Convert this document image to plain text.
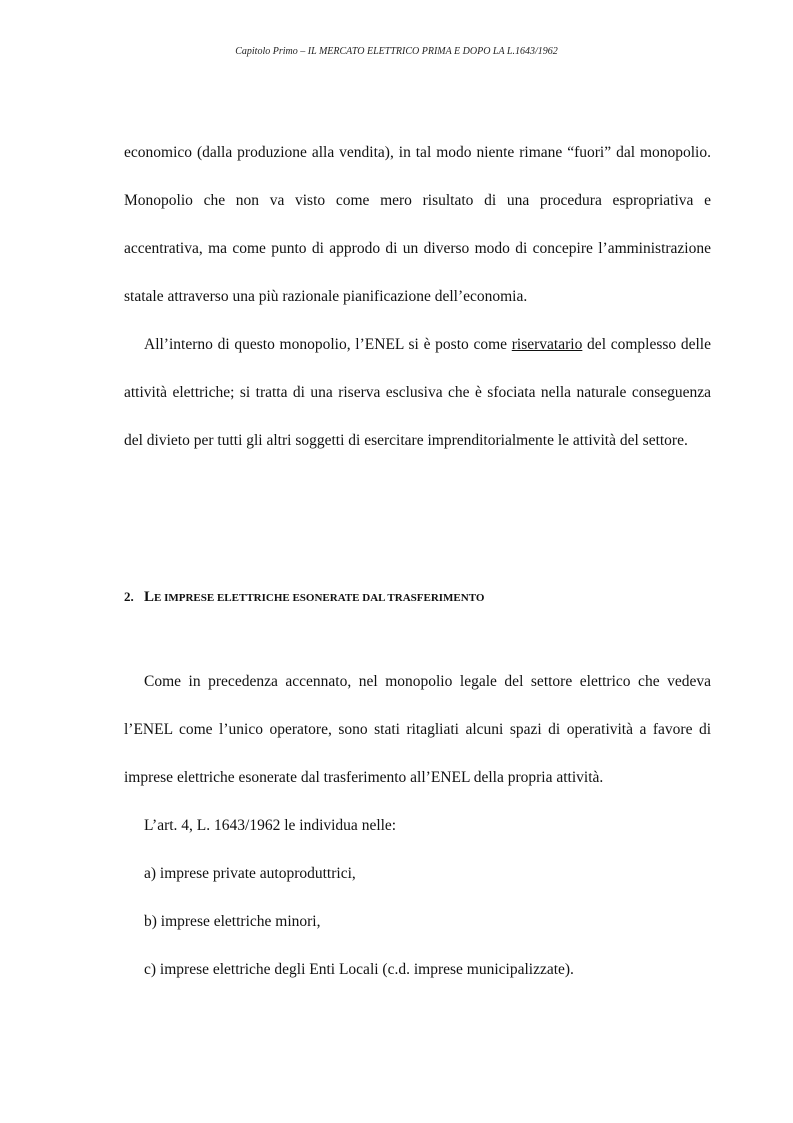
Capitolo Primo – IL MERCATO ELETTRICO PRIMA E DOPO LA L.1643/1962

economico (dalla produzione alla vendita), in tal modo niente rimane “fuori” dal monopolio. Monopolio che non va visto come mero risultato di una procedura espropriativa e accentrativa, ma come punto di approdo di un diverso modo di concepire l’amministrazione statale attraverso una più razionale pianificazione dell’economia.

All’interno di questo monopolio, l’ENEL si è posto come riservatario del complesso delle attività elettriche; si tratta di una riserva esclusiva che è sfociata nella naturale conseguenza del divieto per tutti gli altri soggetti di esercitare imprenditorialmente le attività del settore.

2. LE IMPRESE ELETTRICHE ESONERATE DAL TRASFERIMENTO

Come in precedenza accennato, nel monopolio legale del settore elettrico che vedeva l’ENEL come l’unico operatore, sono stati ritagliati alcuni spazi di operatività a favore di imprese elettriche esonerate dal trasferimento all’ENEL della propria attività.

L’art. 4, L. 1643/1962 le individua nelle:

a) imprese private autoproduttrici,

b) imprese elettriche minori,

c) imprese elettriche degli Enti Locali (c.d. imprese municipalizzate).
